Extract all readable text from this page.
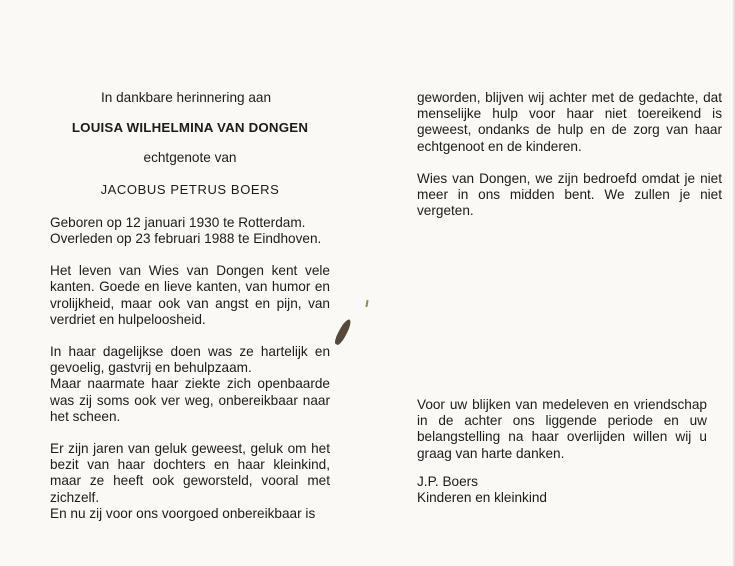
In dankbare herinnering aan

LOUISA WILHELMINA VAN DONGEN

echtgenote van

JACOBUS PETRUS BOERS

Geboren op 12 januari 1930 te Rotterdam.

Overleden op 23 februari 1988 te Eindhoven.

Het leven van Wies van Dongen kent vele kanten. Goede en lieve kanten, van humor en vrolijkheid, maar ook van angst en pijn, van verdriet en hulpeloosheid.

In haar dagelijkse doen was ze hartelijk en gevoelig, gastvrij en behulpzaam.

Maar naarmate haar ziekte zich openbaarde was zij soms ook ver weg, onbereikbaar naar het scheen.

Er zijn jaren van geluk geweest, geluk om het bezit van haar dochters en haar kleinkind, maar ze heeft ook geworsteld, vooral met zichzelf.

En nu zij voor ons voorgoed onbereikbaar is

geworden, blijven wij achter met de gedachte, dat menselijke hulp voor haar niet toereikend is geweest, ondanks de hulp en de zorg van haar echtgenoot en de kinderen.

Wies van Dongen, we zijn bedroefd omdat je niet meer in ons midden bent. We zullen je niet vergeten.

Voor uw blijken van medeleven en vriendschap in de achter ons liggende periode en uw belangstelling na haar overlijden willen wij u graag van harte danken.

J.P. Boers

Kinderen en kleinkind
